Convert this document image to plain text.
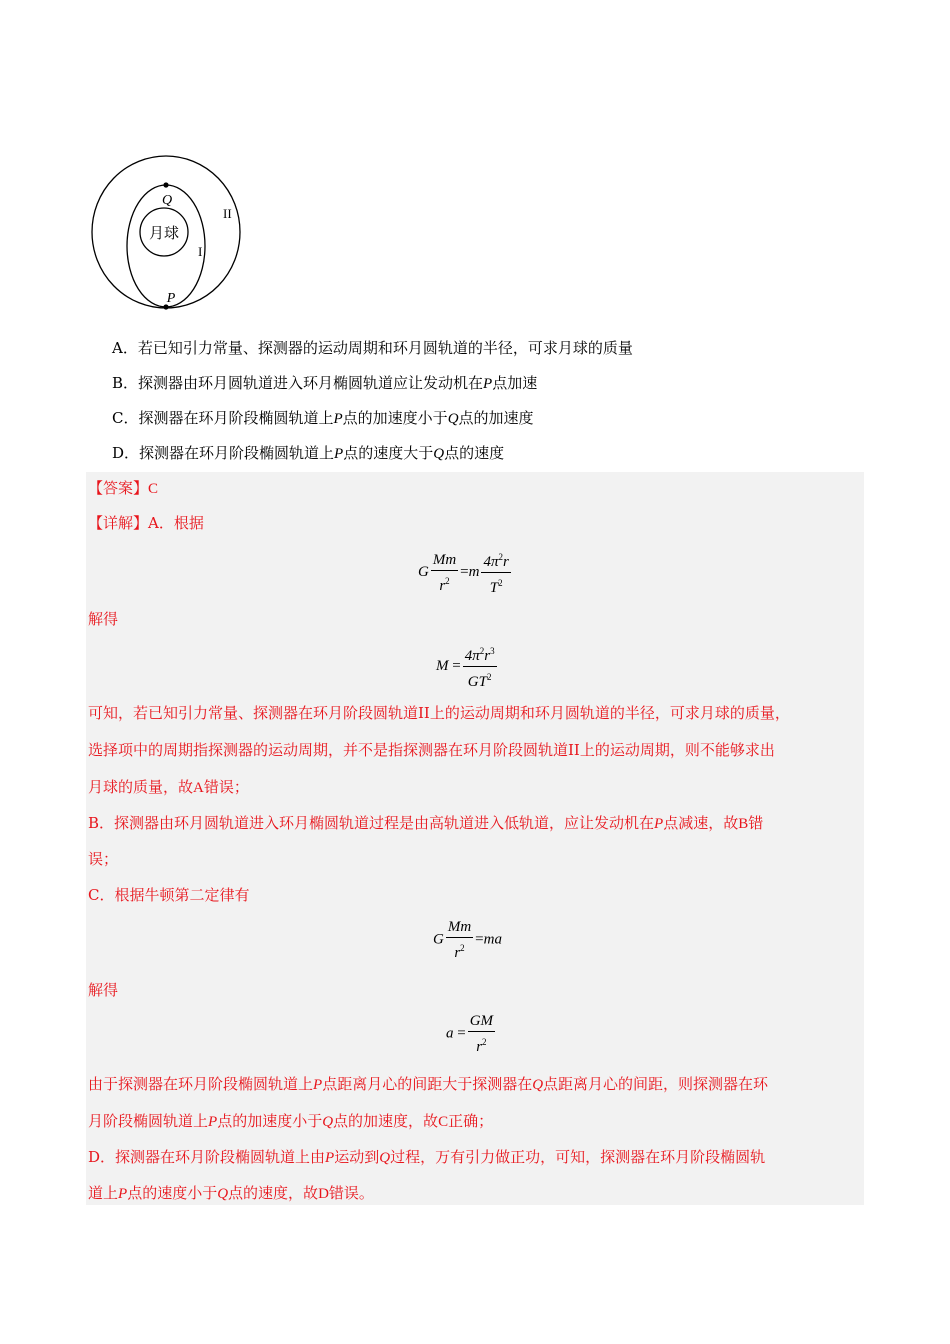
月球
Q
P
I
II
A．若已知引力常量、探测器的运动周期和环月圆轨道的半径，可求月球的质量
B．探测器由环月圆轨道进入环月椭圆轨道应让发动机在P点加速
C．探测器在环月阶段椭圆轨道上P点的加速度小于Q点的加速度
D．探测器在环月阶段椭圆轨道上P点的速度大于Q点的速度
【答案】C
【详解】A．根据
G $\frac{Mm}{r^2} =m \frac{4\pi^2r}{T^2}$
解得
$M = \frac{4\pi^2r^3}{GT^2}$
可知，若已知引力常量、探测器在环月阶段圆轨道II上的运动周期和环月圆轨道的半径，可求月球的质量，
选择项中的周期指探测器的运动周期，并不是指探测器在环月阶段圆轨道II上的运动周期，则不能够求出
月球的质量，故A错误；
B．探测器由环月圆轨道进入环月椭圆轨道过程是由高轨道进入低轨道，应让发动机在P点减速，故B错
误；
C．根据牛顿第二定律有
G $\frac{Mm}{r^2} =ma$
解得
$a = \frac{GM}{r^2}$
由于探测器在环月阶段椭圆轨道上P点距离月心的间距大于探测器在Q点距离月心的间距，则探测器在环
月阶段椭圆轨道上P点的加速度小于Q点的加速度，故C正确；
D．探测器在环月阶段椭圆轨道上由P运动到Q过程，万有引力做正功，可知，探测器在环月阶段椭圆轨
道上P点的速度小于Q点的速度，故D错误。
